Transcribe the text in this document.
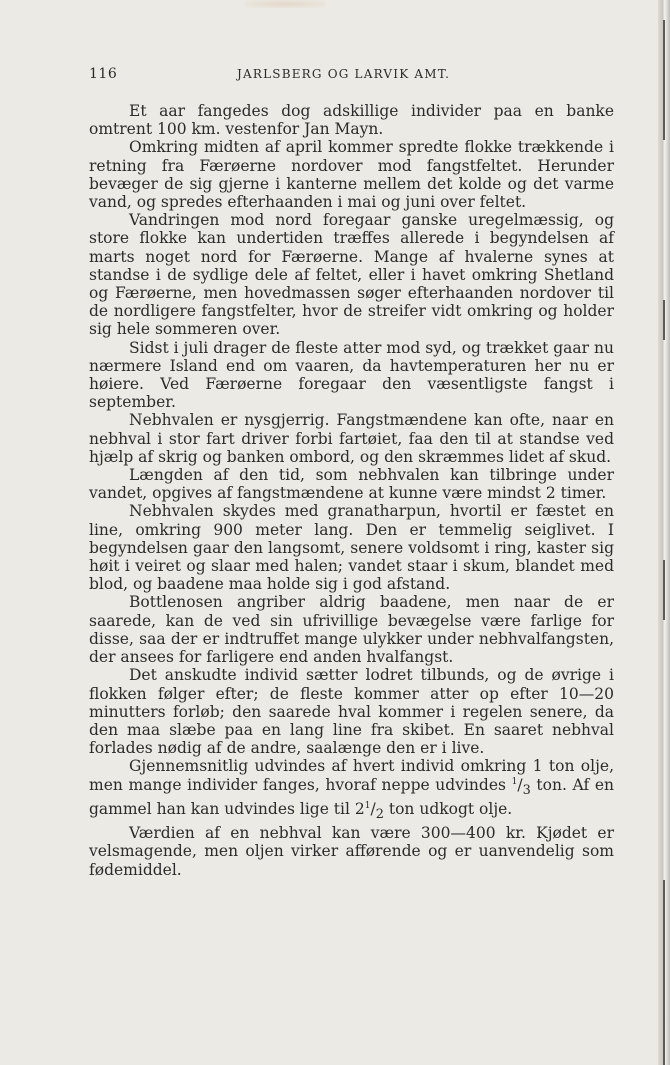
116	JARLSBERG OG LARVIK AMT.

Et aar fangedes dog adskillige individer paa en banke omtrent 100 km. vestenfor Jan Mayn.

Omkring midten af april kommer spredte flokke trækkende i retning fra Færøerne nordover mod fangstfeltet. Herunder bevæger de sig gjerne i kanterne mellem det kolde og det varme vand, og spredes efterhaanden i mai og juni over feltet.

Vandringen mod nord foregaar ganske uregelmæssig, og store flokke kan undertiden træffes allerede i begyndelsen af marts noget nord for Færøerne. Mange af hvalerne synes at standse i de sydlige dele af feltet, eller i havet omkring Shetland og Færøerne, men hovedmassen søger efterhaanden nordover til de nordligere fangstfelter, hvor de streifer vidt omkring og holder sig hele sommeren over.

Sidst i juli drager de fleste atter mod syd, og trækket gaar nu nærmere Island end om vaaren, da havtemperaturen her nu er høiere. Ved Færøerne foregaar den væsentligste fangst i september.

Nebhvalen er nysgjerrig. Fangstmændene kan ofte, naar en nebhval i stor fart driver forbi fartøiet, faa den til at standse ved hjælp af skrig og banken ombord, og den skræmmes lidet af skud.

Længden af den tid, som nebhvalen kan tilbringe under vandet, opgives af fangstmændene at kunne være mindst 2 timer.

Nebhvalen skydes med granatharpun, hvortil er fæstet en line, omkring 900 meter lang. Den er temmelig seiglivet. I begyndelsen gaar den langsomt, senere voldsomt i ring, kaster sig høit i veiret og slaar med halen; vandet staar i skum, blandet med blod, og baadene maa holde sig i god afstand.

Bottlenosen angriber aldrig baadene, men naar de er saarede, kan de ved sin ufrivillige bevægelse være farlige for disse, saa der er indtruffet mange ulykker under nebhvalfangsten, der ansees for farligere end anden hvalfangst.

Det anskudte individ sætter lodret tilbunds, og de øvrige i flokken følger efter; de fleste kommer atter op efter 10—20 minutters forløb; den saarede hval kommer i regelen senere, da den maa slæbe paa en lang line fra skibet. En saaret nebhval forlades nødig af de andre, saalænge den er i live.

Gjennemsnitlig udvindes af hvert individ omkring 1 ton olje, men mange individer fanges, hvoraf neppe udvindes $^1/_3$ ton. Af en gammel han kan udvindes lige til $2^1/_2$ ton udkogt olje.

Værdien af en nebhval kan være 300—400 kr. Kjødet er velsmagende, men oljen virker afførende og er uanvendelig som fødemiddel.
